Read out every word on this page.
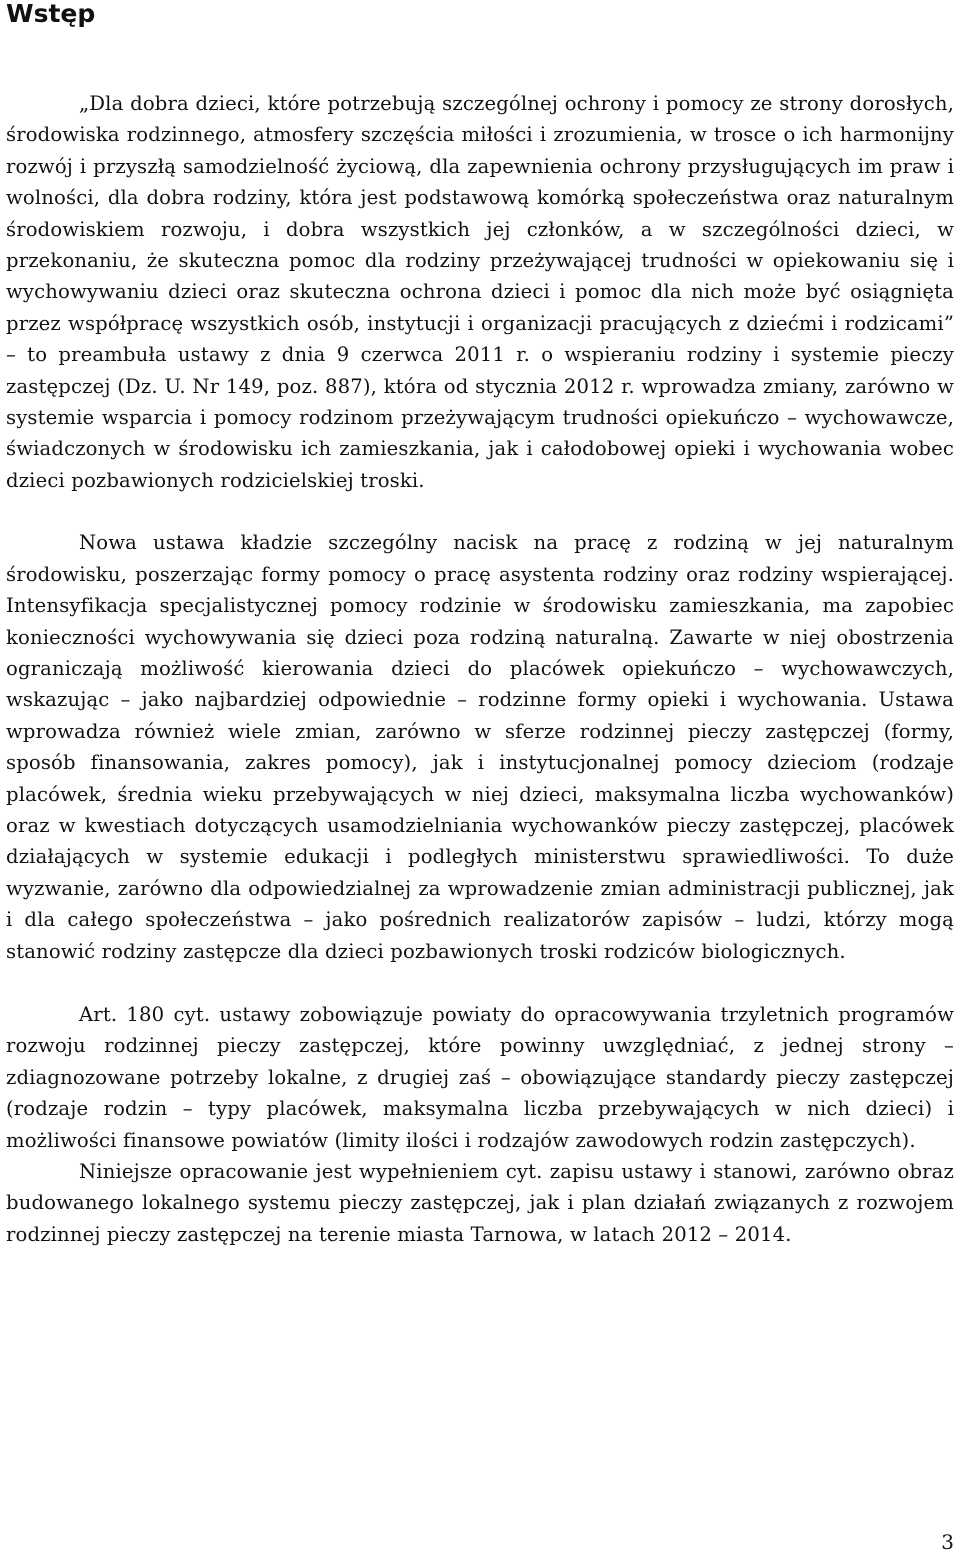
Wstęp

„Dla dobra dzieci, które potrzebują szczególnej ochrony i pomocy ze strony dorosłych, środowiska rodzinnego, atmosfery szczęścia miłości i zrozumienia, w trosce o ich harmonijny rozwój i przyszłą samodzielność życiową, dla zapewnienia ochrony przysługujących im praw i wolności, dla dobra rodziny, która jest podstawową komórką społeczeństwa oraz naturalnym środowiskiem rozwoju, i dobra wszystkich jej członków, a w szczególności dzieci, w przekonaniu, że skuteczna pomoc dla rodziny przeżywającej trudności w opiekowaniu się i wychowywaniu dzieci oraz skuteczna ochrona dzieci i pomoc dla nich może być osiągnięta przez współpracę wszystkich osób, instytucji i organizacji pracujących z dziećmi i rodzicami” – to preambuła ustawy z dnia 9 czerwca 2011 r. o wspieraniu rodziny i systemie pieczy zastępczej (Dz. U. Nr 149, poz. 887), która od stycznia 2012 r. wprowadza zmiany, zarówno w systemie wsparcia i pomocy rodzinom przeżywającym trudności opiekuńczo – wychowawcze, świadczonych w środowisku ich zamieszkania, jak i całodobowej opieki i wychowania wobec dzieci pozbawionych rodzicielskiej troski.

Nowa ustawa kładzie szczególny nacisk na pracę z rodziną w jej naturalnym środowisku, poszerzając formy pomocy o pracę asystenta rodziny oraz rodziny wspierającej. Intensyfikacja specjalistycznej pomocy rodzinie w środowisku zamieszkania, ma zapobiec konieczności wychowywania się dzieci poza rodziną naturalną. Zawarte w niej obostrzenia ograniczają możliwość kierowania dzieci do placówek opiekuńczo – wychowawczych, wskazując – jako najbardziej odpowiednie – rodzinne formy opieki i wychowania. Ustawa wprowadza również wiele zmian, zarówno w sferze rodzinnej pieczy zastępczej (formy, sposób finansowania, zakres pomocy), jak i instytucjonalnej pomocy dzieciom (rodzaje placówek, średnia wieku przebywających w niej dzieci, maksymalna liczba wychowanków) oraz w kwestiach dotyczących usamodzielniania wychowanków pieczy zastępczej, placówek działających w systemie edukacji i podległych ministerstwu sprawiedliwości. To duże wyzwanie, zarówno dla odpowiedzialnej za wprowadzenie zmian administracji publicznej, jak i dla całego społeczeństwa – jako pośrednich realizatorów zapisów – ludzi, którzy mogą stanowić rodziny zastępcze dla dzieci pozbawionych troski rodziców biologicznych.

Art. 180 cyt. ustawy zobowiązuje powiaty do opracowywania trzyletnich programów rozwoju rodzinnej pieczy zastępczej, które powinny uwzględniać, z jednej strony – zdiagnozowane potrzeby lokalne, z drugiej zaś – obowiązujące standardy pieczy zastępczej (rodzaje rodzin – typy placówek, maksymalna liczba przebywających w nich dzieci) i możliwości finansowe powiatów (limity ilości i rodzajów zawodowych rodzin zastępczych).

Niniejsze opracowanie jest wypełnieniem cyt. zapisu ustawy i stanowi, zarówno obraz budowanego lokalnego systemu pieczy zastępczej, jak i plan działań związanych z rozwojem rodzinnej pieczy zastępczej na terenie miasta Tarnowa, w latach 2012 – 2014.

3
